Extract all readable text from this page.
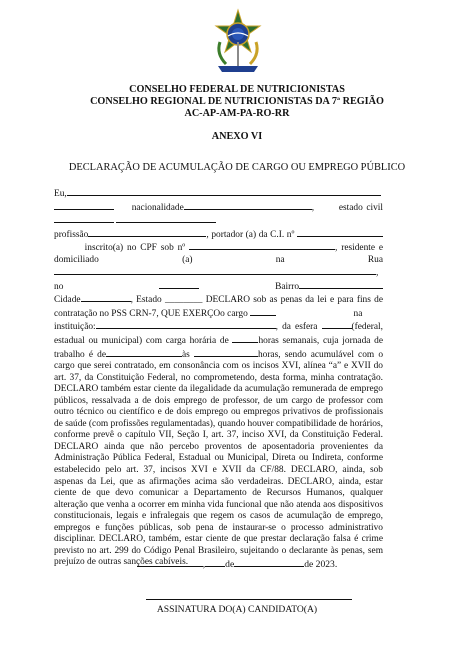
CONSELHO FEDERAL DE NUTRICIONISTAS
CONSELHO REGIONAL DE NUTRICIONISTAS DA 7ª REGIÃO
AC-AP-AM-PA-RO-RR
ANEXO VI
DECLARAÇÃO DE ACUMULAÇÃO DE CARGO OU EMPREGO PÚBLICO

Eu,      nacionalidade	,       estado civil
profissão	, portador (a) da C.I. nº          inscrito(a) no CPF sob nº	, residente e domiciliado (a) na Rua , no	Bairro Cidade	, Estado ________ DECLARO sob as penas da lei e para fins de contratação no PSS CRN-7, QUE EXERÇOo cargo	na
instituição:	, da esfera	(federal, estadual ou municipal) com carga horária de	horas semanais, cuja jornada de trabalho é de	às	horas, sendo acumulável com o cargo que serei contratado, em consonância com os incisos XVI, alínea “a” e XVII do art. 37, da Constituição Federal, no comprometendo, desta forma, minha contratação. DECLARO também estar ciente da ilegalidade da acumulação remunerada de emprego públicos, ressalvada a de dois emprego de professor, de um cargo de professor com outro técnico ou científico e de dois emprego ou empregos privativos de profissionais de saúde (com profissões regulamentadas), quando houver compatibilidade de horários, conforme prevê o capítulo VII, Seção I, art. 37, inciso XVI, da Constituição Federal. DECLARO ainda que não percebo proventos de aposentadoria provenientes da Administração Pública Federal, Estadual ou Municipal, Direta ou Indireta, conforme estabelecido pelo art. 37, incisos XVI e XVII da CF/88. DECLARO, ainda, sob aspenas da Lei, que as afirmações acima são verdadeiras. DECLARO, ainda, estar ciente de que devo comunicar a Departamento de Recursos Humanos, qualquer alteração que venha a ocorrer em minha vida funcional que não atenda aos dispositivos constitucionais, legais e infralegais que regem os casos de acumulação de emprego, empregos e funções públicas, sob pena de instaurar-se o processo administrativo disciplinar. DECLARO, também, estar ciente de que prestar declaração falsa é crime previsto no art. 299 do Código Penal Brasileiro, sujeitando o declarante às penas, sem prejuízo de outras sanções cabíveis.	, de	de 2023.
ASSINATURA DO(A) CANDIDATO(A)
